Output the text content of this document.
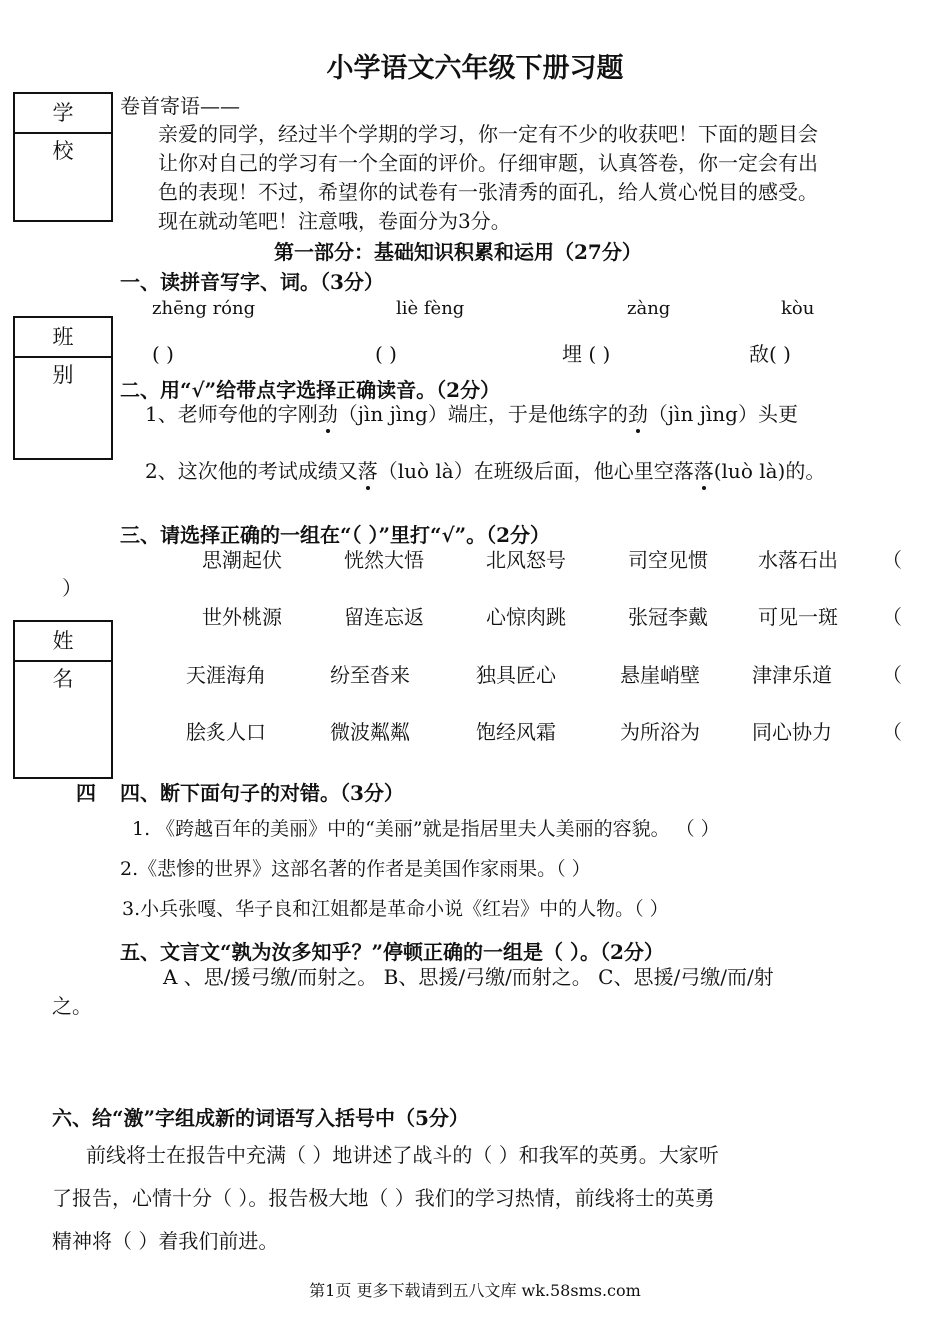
小学语文六年级下册习题
学 校
班 别
姓 名
卷首寄语——
亲爱的同学，经过半个学期的学习，你一定有不少的收获吧！下面的题目会
让你对自己的学习有一个全面的评价。仔细审题，认真答卷，你一定会有出
色的表现！不过，希望你的试卷有一张清秀的面孔，给人赏心悦目的感受。
现在就动笔吧！注意哦，卷面分为3分。
第一部分：基础知识积累和运用（27分）
一、读拼音写字、词。（3分）
zhēng róng	liè fèng	zàng	kòu
( )	( )	埋 ( )	敌( )
二、用“√”给带点字选择正确读音。（2分）
1、老师夸他的字刚劲（jìn jìng）端庄，于是他练字的劲（jìn jìng）头更
2、这次他的考试成绩又落（luò là）在班级后面，他心里空落落(luò là)的。
三、请选择正确的一组在“（ ）”里打“√”。（2分）
思潮起伏	恍然大悟	北风怒号	司空见惯	水落石出 （
）
世外桃源	留连忘返	心惊肉跳	张冠李戴	可见一斑 （
天涯海角	纷至沓来	独具匠心	悬崖峭壁	津津乐道	（
脍炙人口	微波粼粼	饱经风霜	为所浴为	同心协力	（
四 四、断下面句子的对错。（3分）
1. 《跨越百年的美丽》中的“美丽”就是指居里夫人美丽的容貌。 （ ）
2.《悲惨的世界》这部名著的作者是美国作家雨果。（ ）
3.小兵张嘎、华子良和江姐都是革命小说《红岩》中的人物。（ ）
五、文言文“孰为汝多知乎？”停顿正确的一组是（ ）。（2分）
A 、思/援弓缴/而射之。 B、思援/弓缴/而射之。 C、思援/弓缴/而/射
之。
六、给“激”字组成新的词语写入括号中（5分）
前线将士在报告中充满（ ）地讲述了战斗的（ ）和我军的英勇。大家听
了报告，心情十分（ ）。报告极大地（ ）我们的学习热情，前线将士的英勇
精神将（ ）着我们前进。
第1页 更多下载请到五八文库 wk.58sms.com
